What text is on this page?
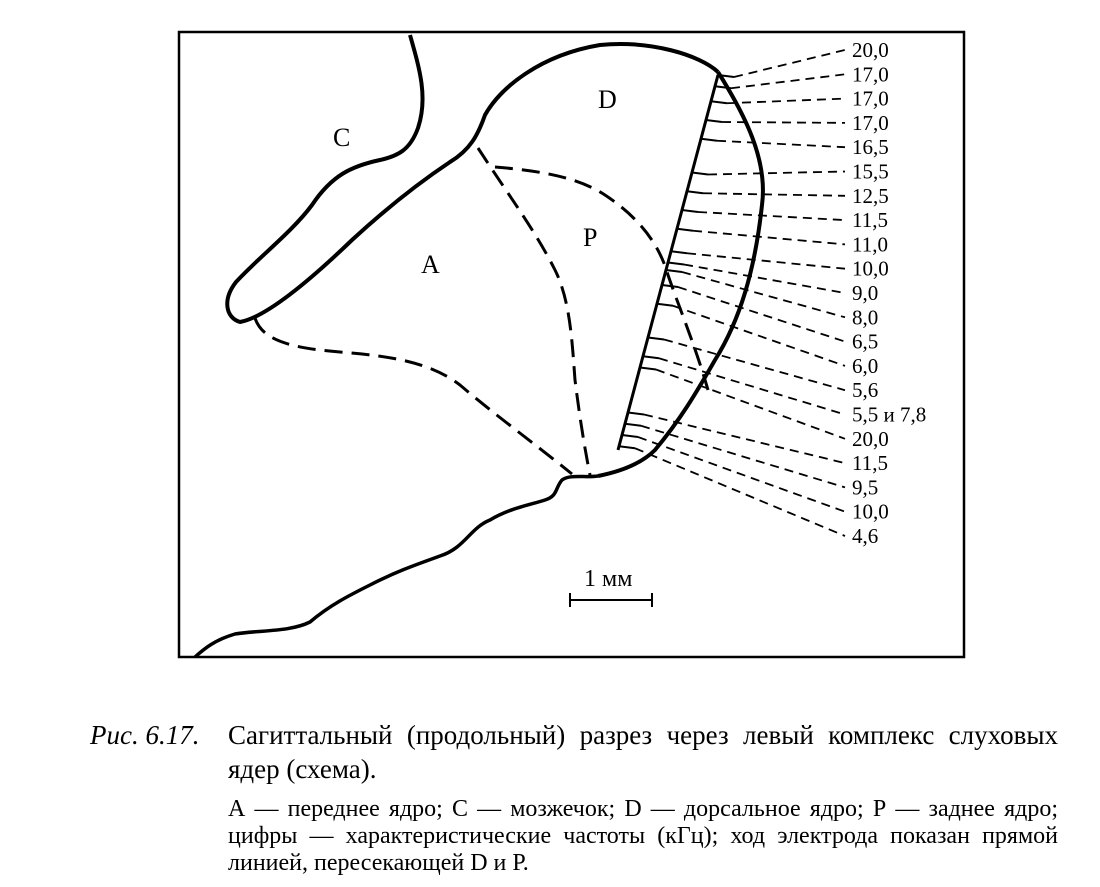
C
D
P
A
20,0
17,0
17,0
17,0
16,5
15,5
12,5
11,5
11,0
10,0
9,0
8,0
6,5
6,0
5,6
5,5 и 7,8
20,0
11,5
9,5
10,0
4,6
1 мм
Рис. 6.17. Сагиттальный (продольный) разрез через левый комплекс слуховых ядер (схема).
А — переднее ядро; С — мозжечок; D — дорсальное ядро; Р — заднее ядро; цифры — характеристические частоты (кГц); ход электрода показан прямой линией, пересекающей D и Р.
